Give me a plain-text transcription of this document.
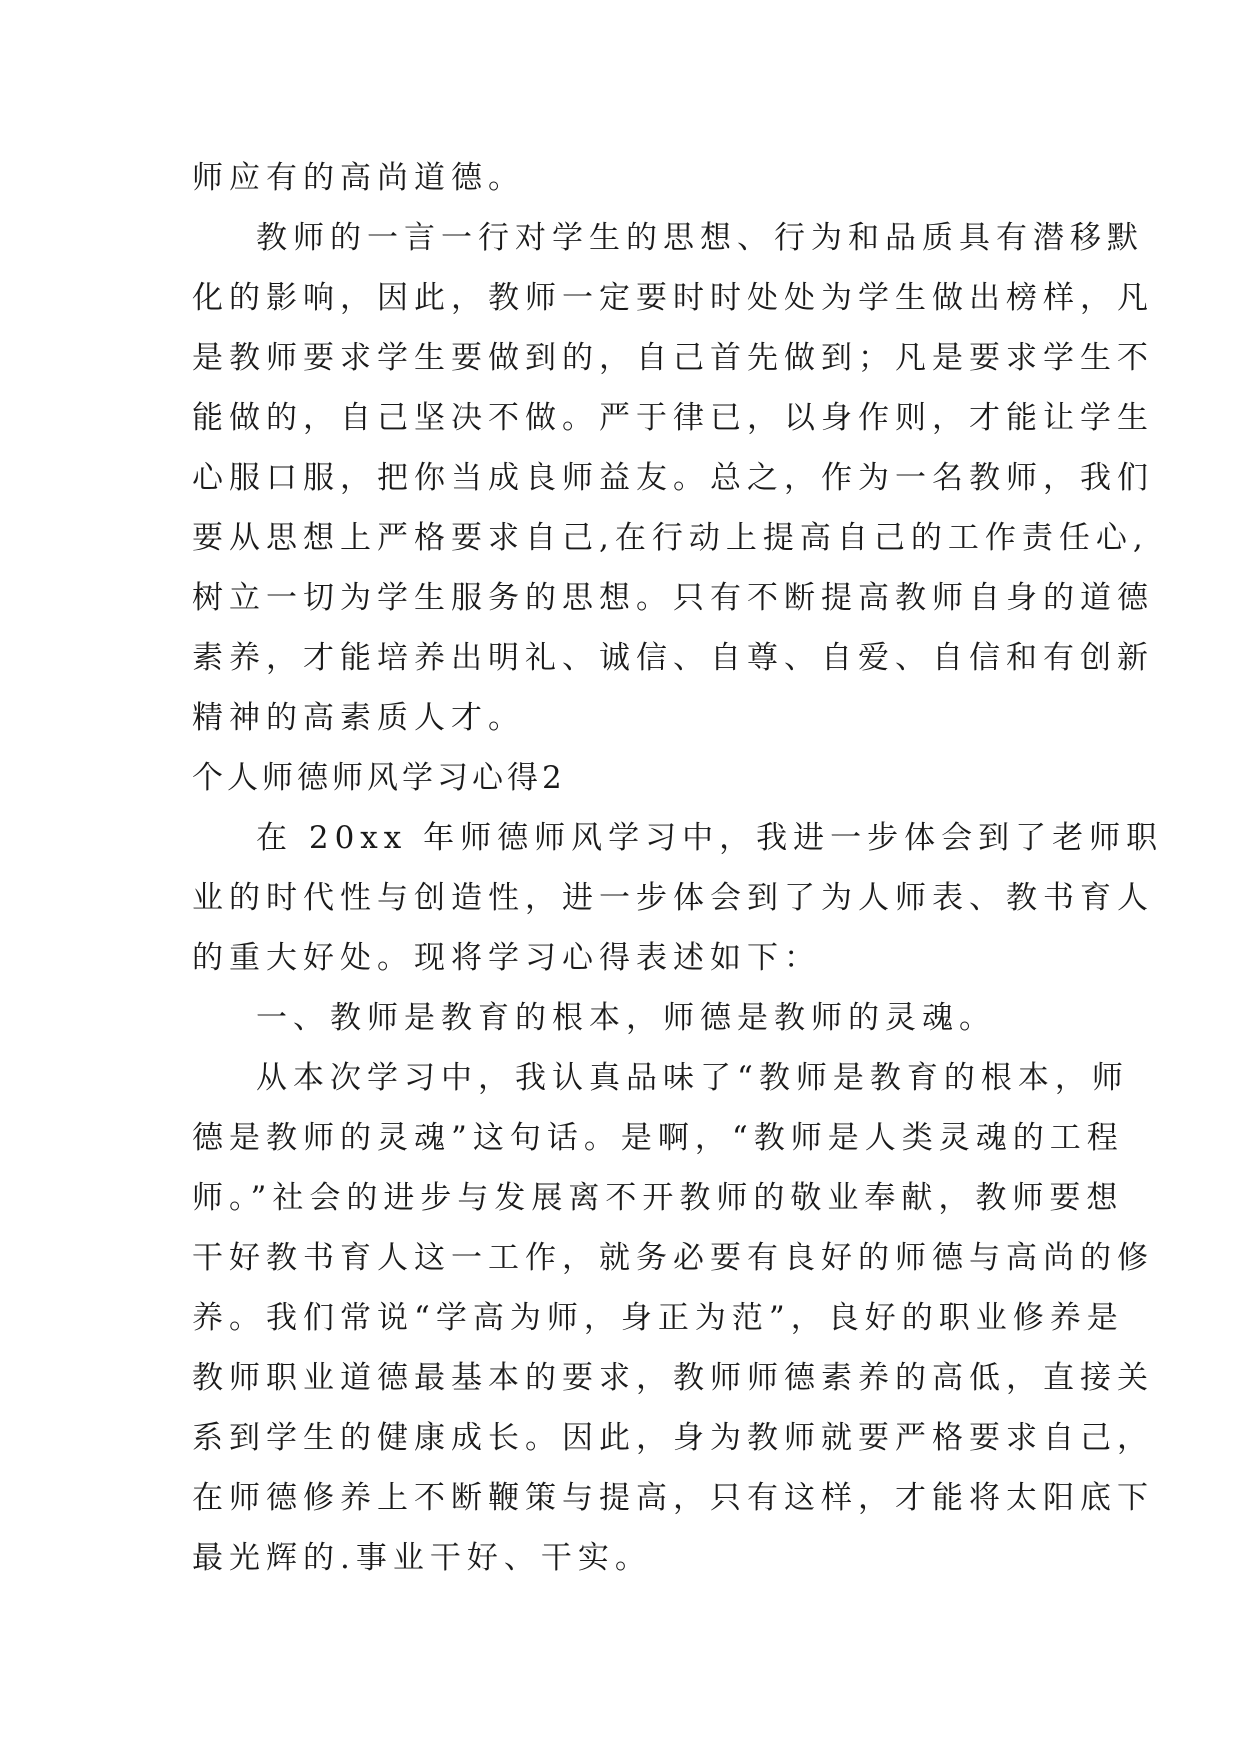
师应有的高尚道德。
教师的一言一行对学生的思想、行为和品质具有潜移默
化的影响，因此，教师一定要时时处处为学生做出榜样，凡
是教师要求学生要做到的，自己首先做到；凡是要求学生不
能做的，自己坚决不做。严于律已，以身作则，才能让学生
心服口服，把你当成良师益友。总之，作为一名教师，我们
要从思想上严格要求自己,在行动上提高自己的工作责任心,
树立一切为学生服务的思想。只有不断提高教师自身的道德
素养，才能培养出明礼、诚信、自尊、自爱、自信和有创新
精神的高素质人才。
个人师德师风学习心得2
在 20xx 年师德师风学习中，我进一步体会到了老师职
业的时代性与创造性，进一步体会到了为人师表、教书育人
的重大好处。现将学习心得表述如下：
一、教师是教育的根本，师德是教师的灵魂。
从本次学习中，我认真品味了“教师是教育的根本，师
德是教师的灵魂”这句话。是啊，“教师是人类灵魂的工程
师。”社会的进步与发展离不开教师的敬业奉献，教师要想
干好教书育人这一工作，就务必要有良好的师德与高尚的修
养。我们常说“学高为师，身正为范”，良好的职业修养是
教师职业道德最基本的要求，教师师德素养的高低，直接关
系到学生的健康成长。因此，身为教师就要严格要求自己，
在师德修养上不断鞭策与提高，只有这样，才能将太阳底下
最光辉的.事业干好、干实。
